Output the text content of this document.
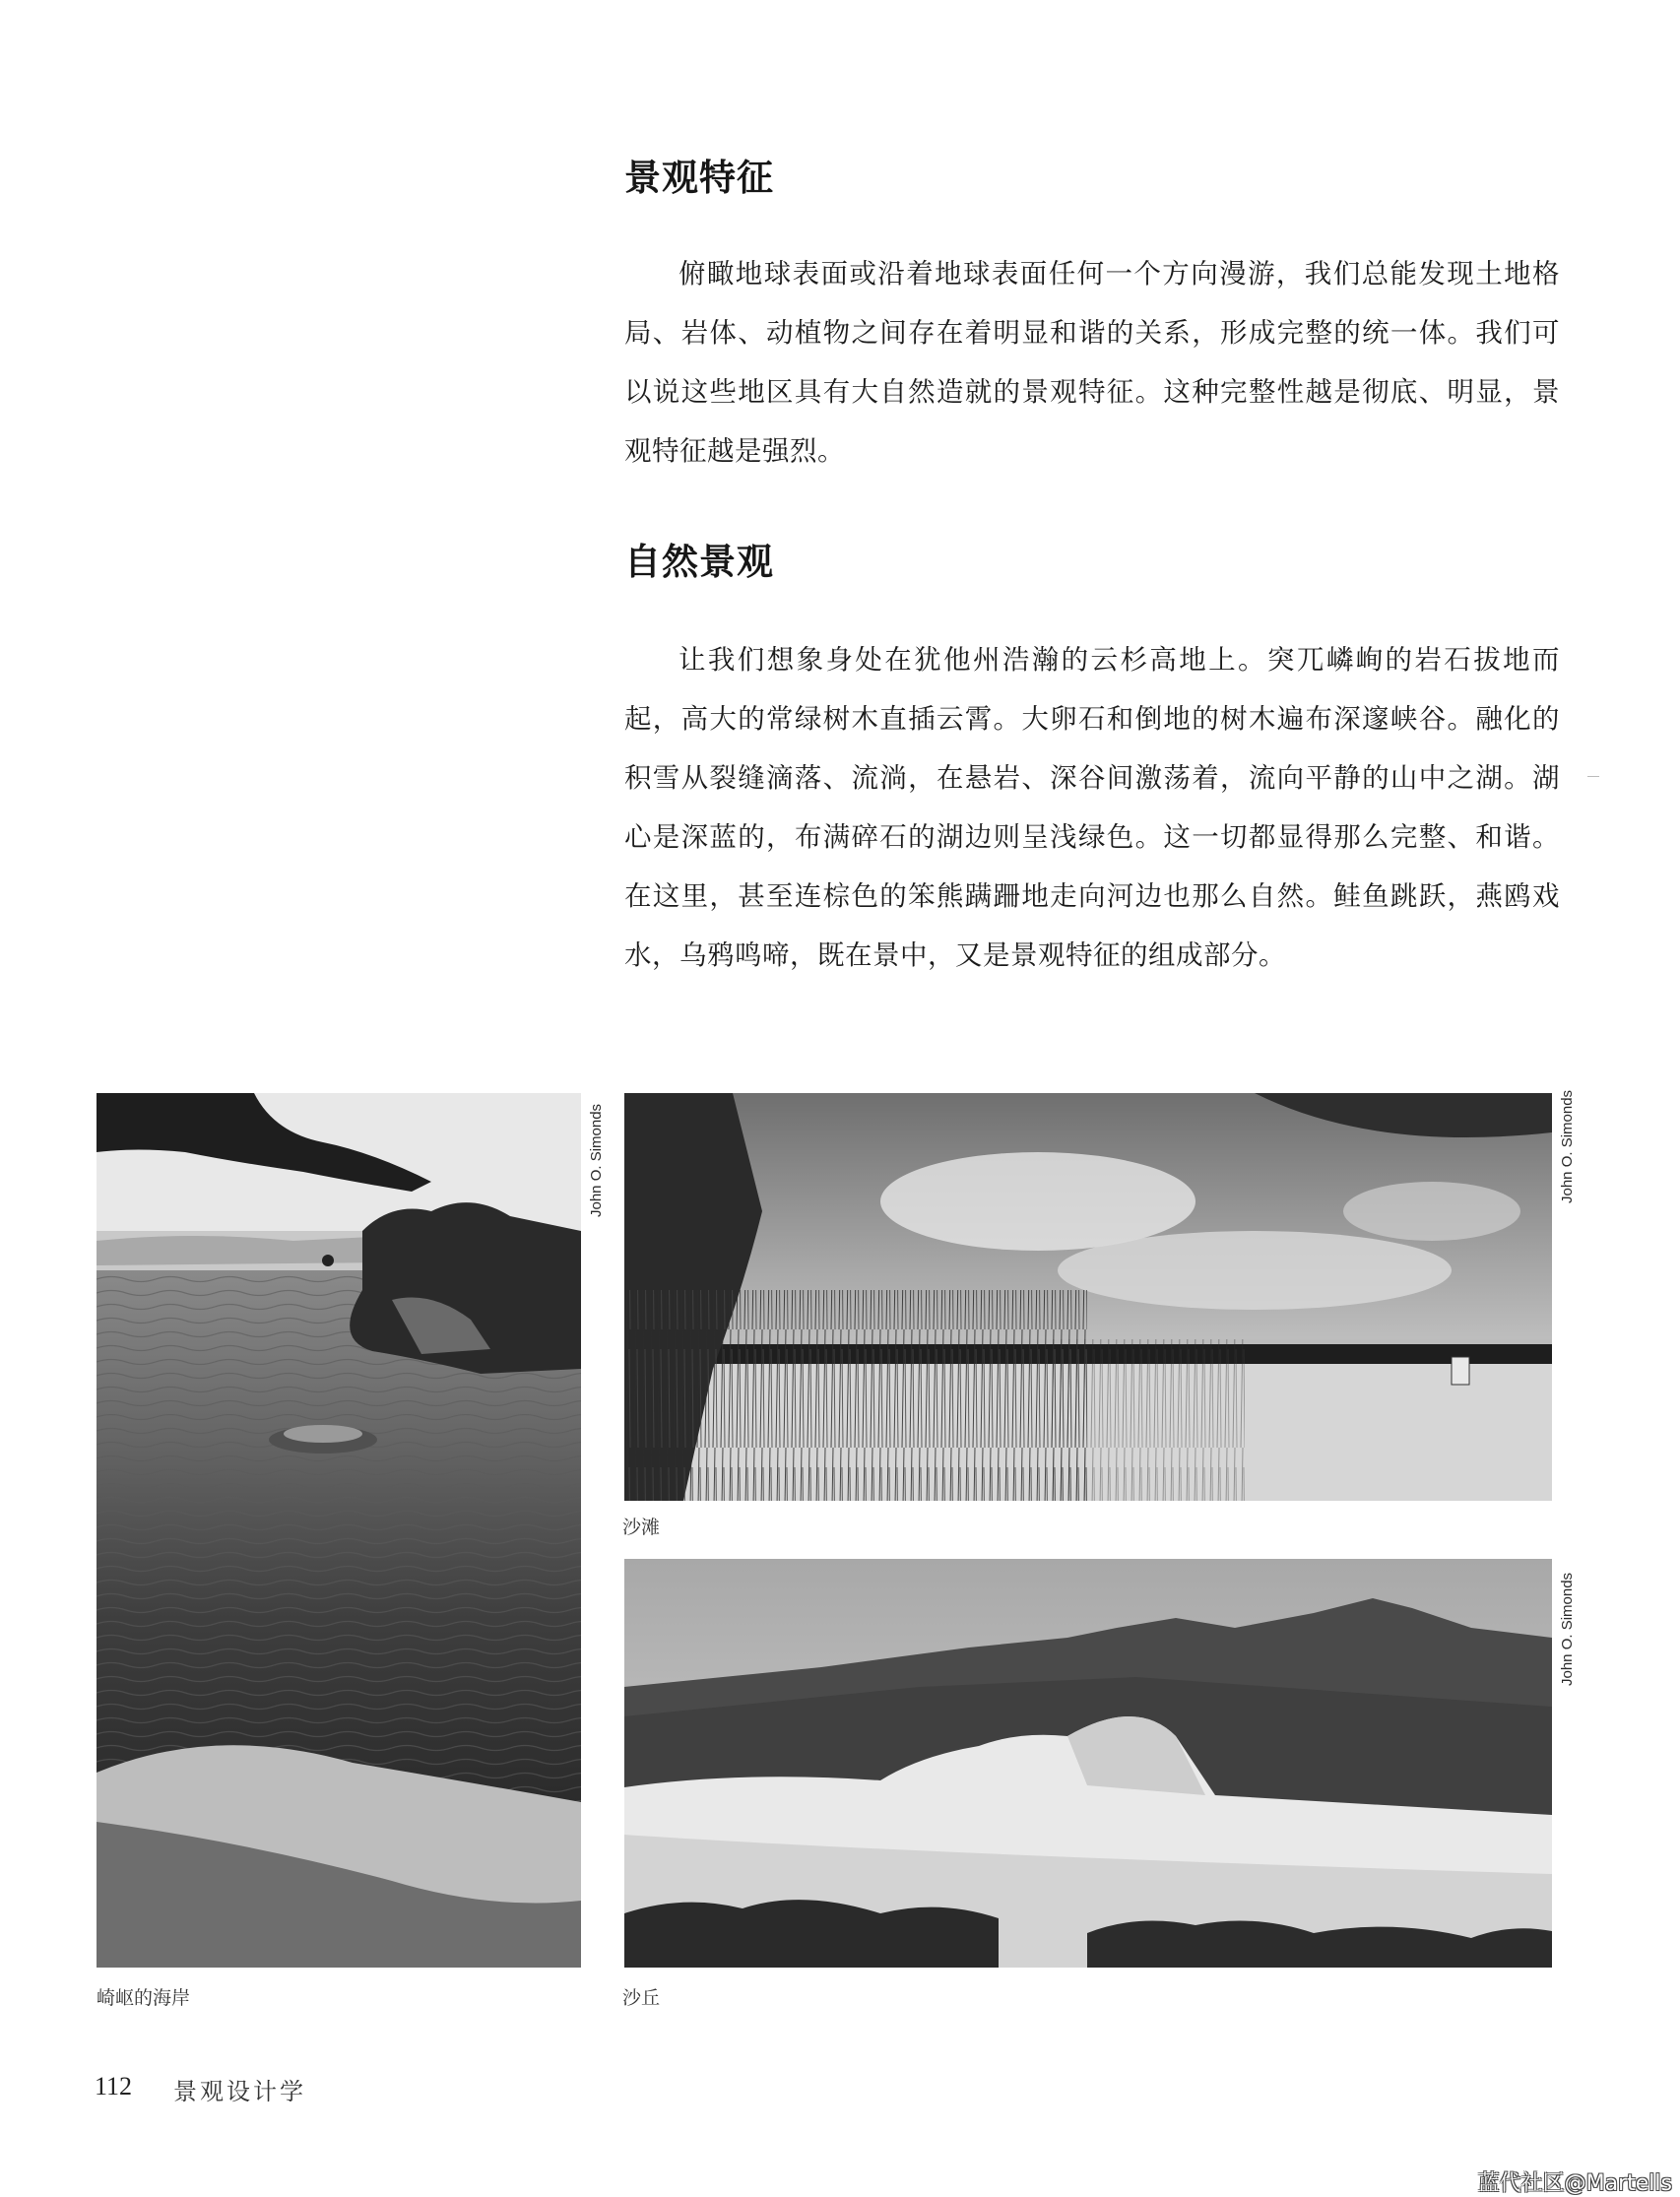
景观特征
俯瞰地球表面或沿着地球表面任何一个方向漫游，我们总能发现土地格局、岩体、动植物之间存在着明显和谐的关系，形成完整的统一体。我们可以说这些地区具有大自然造就的景观特征。这种完整性越是彻底、明显，景观特征越是强烈。
自然景观
让我们想象身处在犹他州浩瀚的云杉高地上。突兀嶙峋的岩石拔地而起，高大的常绿树木直插云霄。大卵石和倒地的树木遍布深邃峡谷。融化的积雪从裂缝滴落、流淌，在悬岩、深谷间激荡着，流向平静的山中之湖。湖心是深蓝的，布满碎石的湖边则呈浅绿色。这一切都显得那么完整、和谐。在这里，甚至连棕色的笨熊蹒跚地走向河边也那么自然。鲑鱼跳跃，燕鸥戏水，乌鸦鸣啼，既在景中，又是景观特征的组成部分。
John O. Simonds
崎岖的海岸
John O. Simonds
沙滩
John O. Simonds
沙丘
112 景观设计学
蓝代社区@Martells
